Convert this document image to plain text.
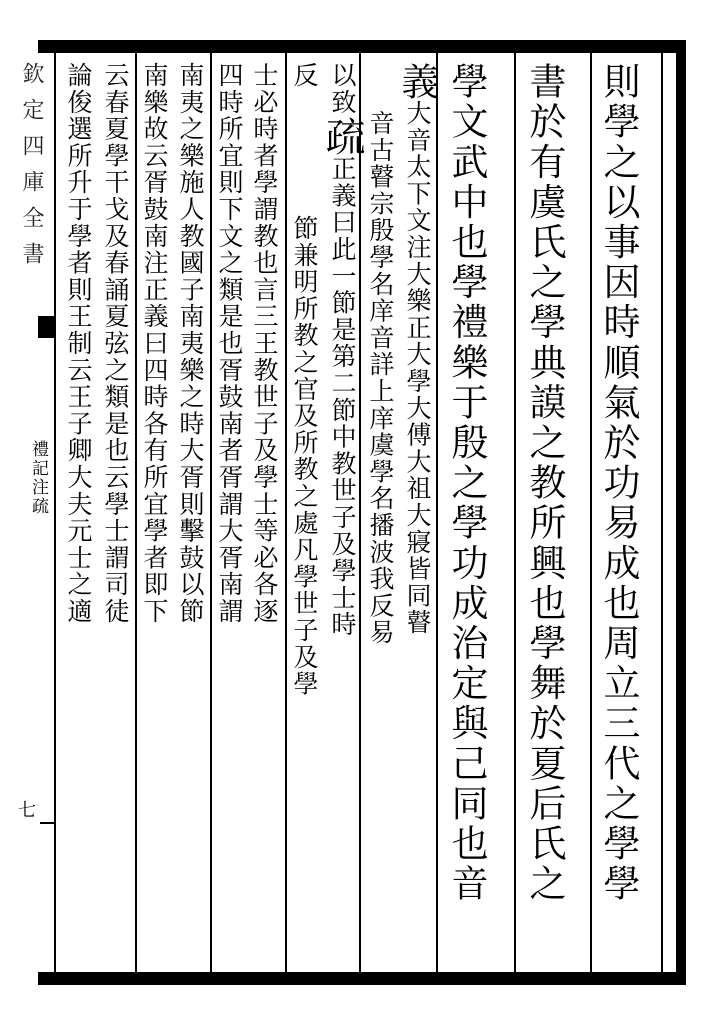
欽定四庫全書
禮記注疏
七	則學之以事因時順氣於功易成也周立三代之學學
書於有虞氏之學典謨之教所興也學舞於夏后氏之
學文武中也學禮樂于殷之學功成治定與己同也音
義大音太下文注大樂正大學大傅大祖大寢皆同瞽
音古瞽宗殷學名庠音詳上庠虞學名播波我反易
以致疏正義曰此一節是第二節中教世子及學士時
反
節兼明所教之官及所教之處凡學世子及學
士必時者學謂教也言三王教世子及學士等必各逐
四時所宜則下文之類是也胥鼓南者胥謂大胥南謂
南夷之樂施人教國子南夷樂之時大胥則擊鼓以節
南樂故云胥鼓南注正義曰四時各有所宜學者即下
云春夏學干戈及春誦夏弦之類是也云學士謂司徒
論俊選所升于學者則王制云王子卿大夫元士之適
